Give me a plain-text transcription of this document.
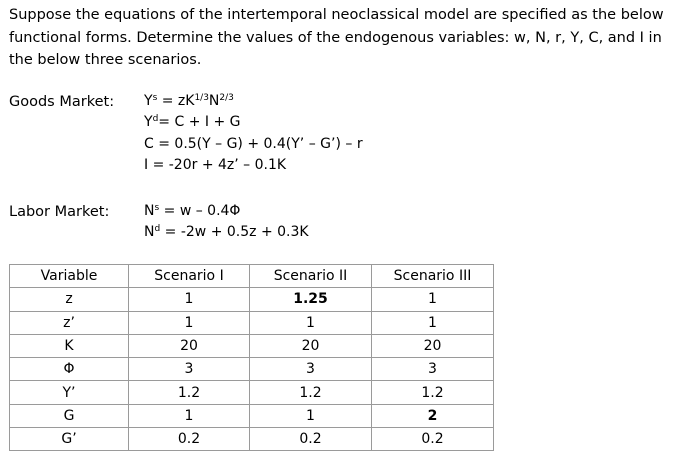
Suppose the equations of the intertemporal neoclassical model are specified as the below functional forms. Determine the values of the endogenous variables: w, N, r, Y, C, and I in the below three scenarios.

Goods Market: $Y^s = zK^{1/3}N^{2/3}$
$Y^d= C + I + G$
C = 0.5(Y – G) + 0.4(Y’ – G’) – r
I = -20r + 4z’ – 0.1K
Labor Market: $N^s = w - 0.4\Phi$
$N^d = -2w + 0.5z + 0.3K$
Variable	Scenario I	Scenario II	Scenario III
z	1	1.25	1
z’	1	1	1
K	20	20	20
Φ	3	3	3
Y’	1.2	1.2	1.2
G	1	1	2
G’	0.2	0.2	0.2
